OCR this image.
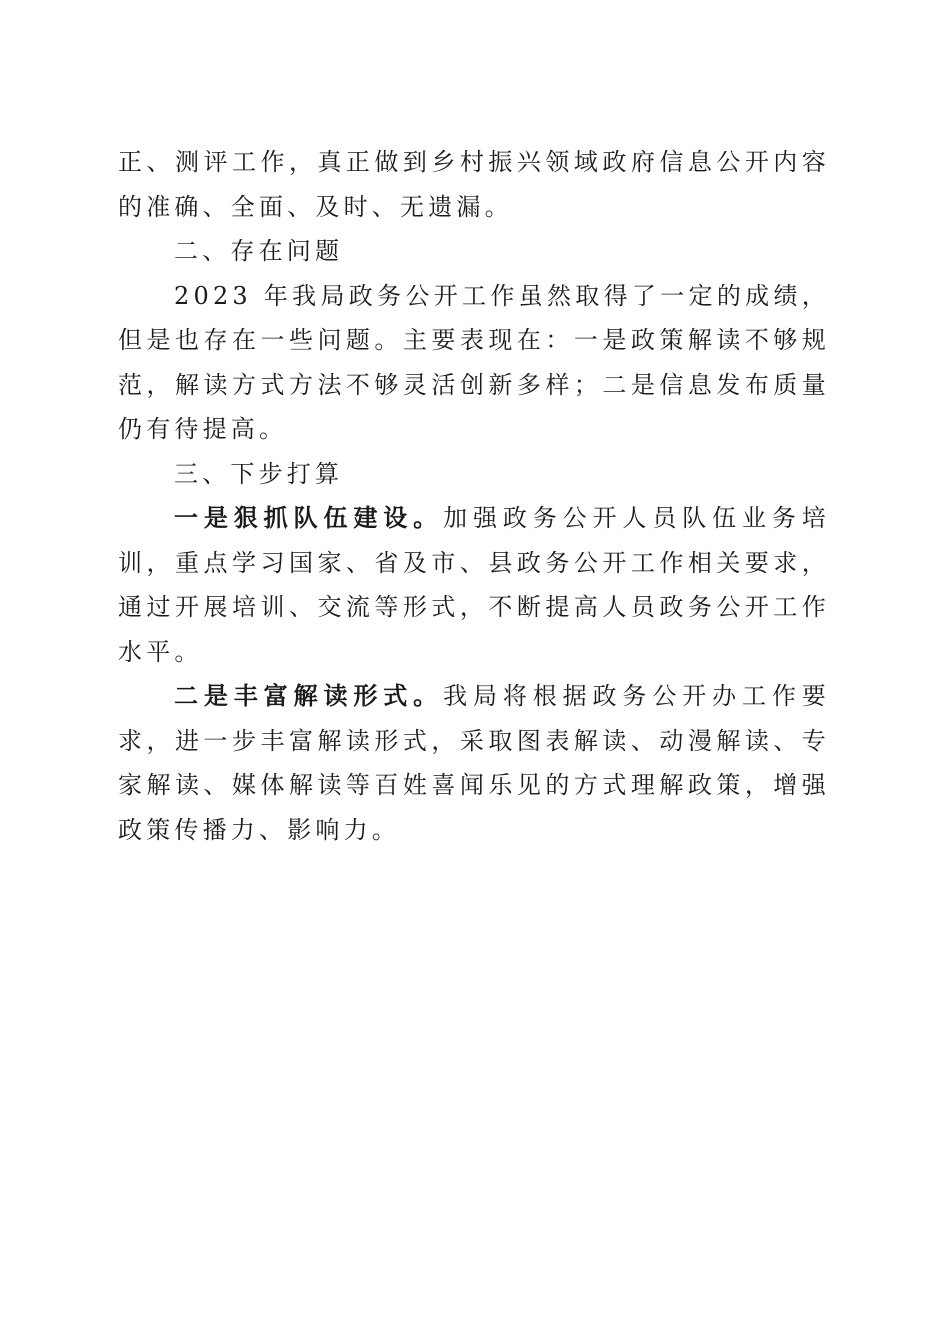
正、测评工作，真正做到乡村振兴领域政府信息公开内容的准确、全面、及时、无遗漏。

二、存在问题

2023 年我局政务公开工作虽然取得了一定的成绩，但是也存在一些问题。主要表现在：一是政策解读不够规范，解读方式方法不够灵活创新多样；二是信息发布质量仍有待提高。

三、下步打算

一是狠抓队伍建设。加强政务公开人员队伍业务培训，重点学习国家、省及市、县政务公开工作相关要求，通过开展培训、交流等形式，不断提高人员政务公开工作水平。

二是丰富解读形式。我局将根据政务公开办工作要求，进一步丰富解读形式，采取图表解读、动漫解读、专家解读、媒体解读等百姓喜闻乐见的方式理解政策，增强政策传播力、影响力。
